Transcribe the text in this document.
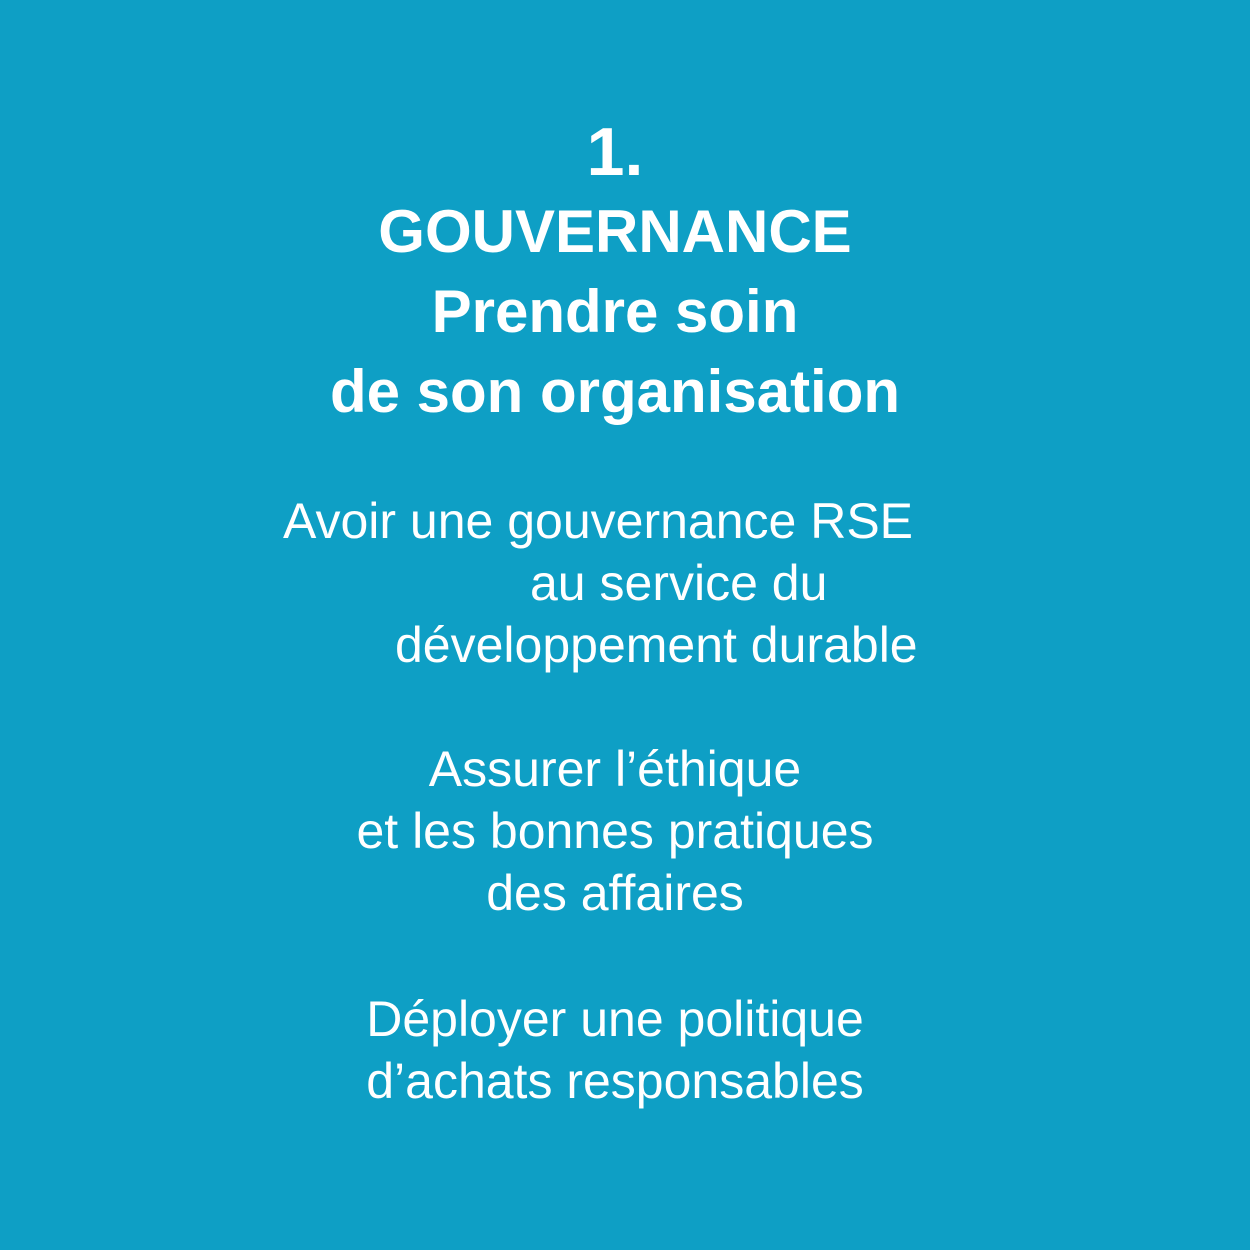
1.
GOUVERNANCE
Prendre soin
de son organisation
Avoir une gouvernance RSE
au service du
développement durable
Assurer l’éthique
et les bonnes pratiques
des affaires
Déployer une politique
d’achats responsables
